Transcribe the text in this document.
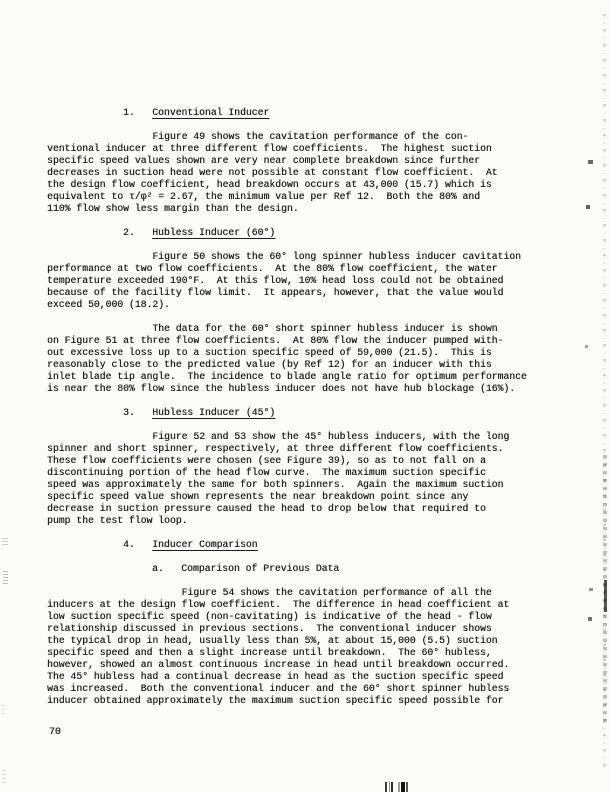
1. Conventional Inducer
Figure 49 shows the cavitation performance of the con-
ventional inducer at three different flow coefficients.  The highest suction
specific speed values shown are very near complete breakdown since further
decreases in suction head were not possible at constant flow coefficient.  At
the design flow coefficient, head breakdown occurs at 43,000 (15.7) which is
equivalent to τ/φ² = 2.67, the minimum value per Ref 12.  Both the 80% and
110% flow show less margin than the design.
2. Hubless Inducer (60°)
Figure 50 shows the 60° long spinner hubless inducer cavitation
performance at two flow coefficients.  At the 80% flow coefficient, the water
temperature exceeded 190°F.  At this flow, 10% head loss could not be obtained
because of the facility flow limit.  It appears, however, that the value would
exceed 50,000 (18.2).
The data for the 60° short spinner hubless inducer is shown
on Figure 51 at three flow coefficients.  At 80% flow the inducer pumped with-
out excessive loss up to a suction specific speed of 59,000 (21.5).  This is
reasonably close to the predicted value (by Ref 12) for an inducer with this
inlet blade tip angle.  The incidence to blade angle ratio for optimum performance
is near the 80% flow since the hubless inducer does not have hub blockage (16%).
3. Hubless Inducer (45°)
Figure 52 and 53 show the 45° hubless inducers, with the long
spinner and short spinner, respectively, at three different flow coefficients.
These flow coefficients were chosen (see Figure 39), so as to not fall on a
discontinuing portion of the head flow curve.  The maximum suction specific
speed was approximately the same for both spinners.  Again the maximum suction
specific speed value shown represents the near breakdown point since any
decrease in suction pressure caused the head to drop below that required to
pump the test flow loop.
4. Inducer Comparison
a. Comparison of Previous Data
Figure 54 shows the cavitation performance of all the
inducers at the design flow coefficient.  The difference in head coefficient at
low suction specific speed (non-cavitating) is indicative of the head - flow
relationship discussed in previous sections.  The conventional inducer shows
the typical drop in head, usually less than 5%, at about 15,000 (5.5) suction
specific speed and then a slight increase until breakdown.  The 60° hubless,
however, showed an almost continuous increase in head until breakdown occurred.
The 45° hubless had a continual decrease in head as the suction specific speed
was increased.  Both the conventional inducer and the 60° short spinner hubless
inducer obtained approximately the maximum suction specific speed possible for
70
